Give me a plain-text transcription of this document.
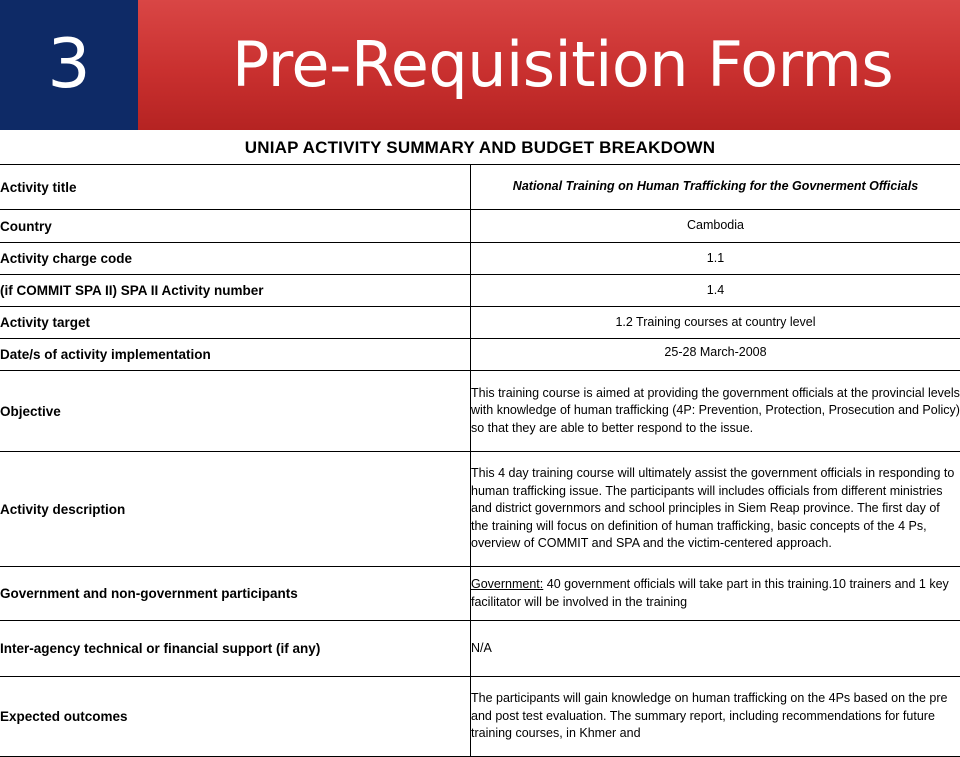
3	Pre-Requisition Forms
UNIAP ACTIVITY SUMMARY AND BUDGET BREAKDOWN
Activity title	National Training on Human Trafficking for the Govnerment Officials
Country	Cambodia
Activity charge code	1.1
(if COMMIT SPA II) SPA II Activity number	1.4
Activity target	1.2 Training courses at country level
Date/s of activity implementation	25-28 March-2008
Objective	This training course is aimed at providing the government officials at the provincial levels with knowledge of human trafficking (4P: Prevention, Protection, Prosecution and Policy) so that they are able to better respond to the issue.
Activity description	This 4 day training course will ultimately assist the government officials in responding to human trafficking issue. The participants will includes officials from different ministries and district governmors and school principles in Siem Reap province. The first day of the training will focus on definition of human trafficking, basic concepts of the 4 Ps, overview of COMMIT and SPA and the victim-centered approach.
Government and non-government participants	Government: 40 government officials will take part in this training.10 trainers and 1 key facilitator will be involved in the training
Inter-agency technical or financial support (if any)	N/A
Expected outcomes	The participants will gain knowledge on human trafficking on the 4Ps based on the pre and post test evaluation. The summary report, including recommendations for future training courses, in Khmer and
